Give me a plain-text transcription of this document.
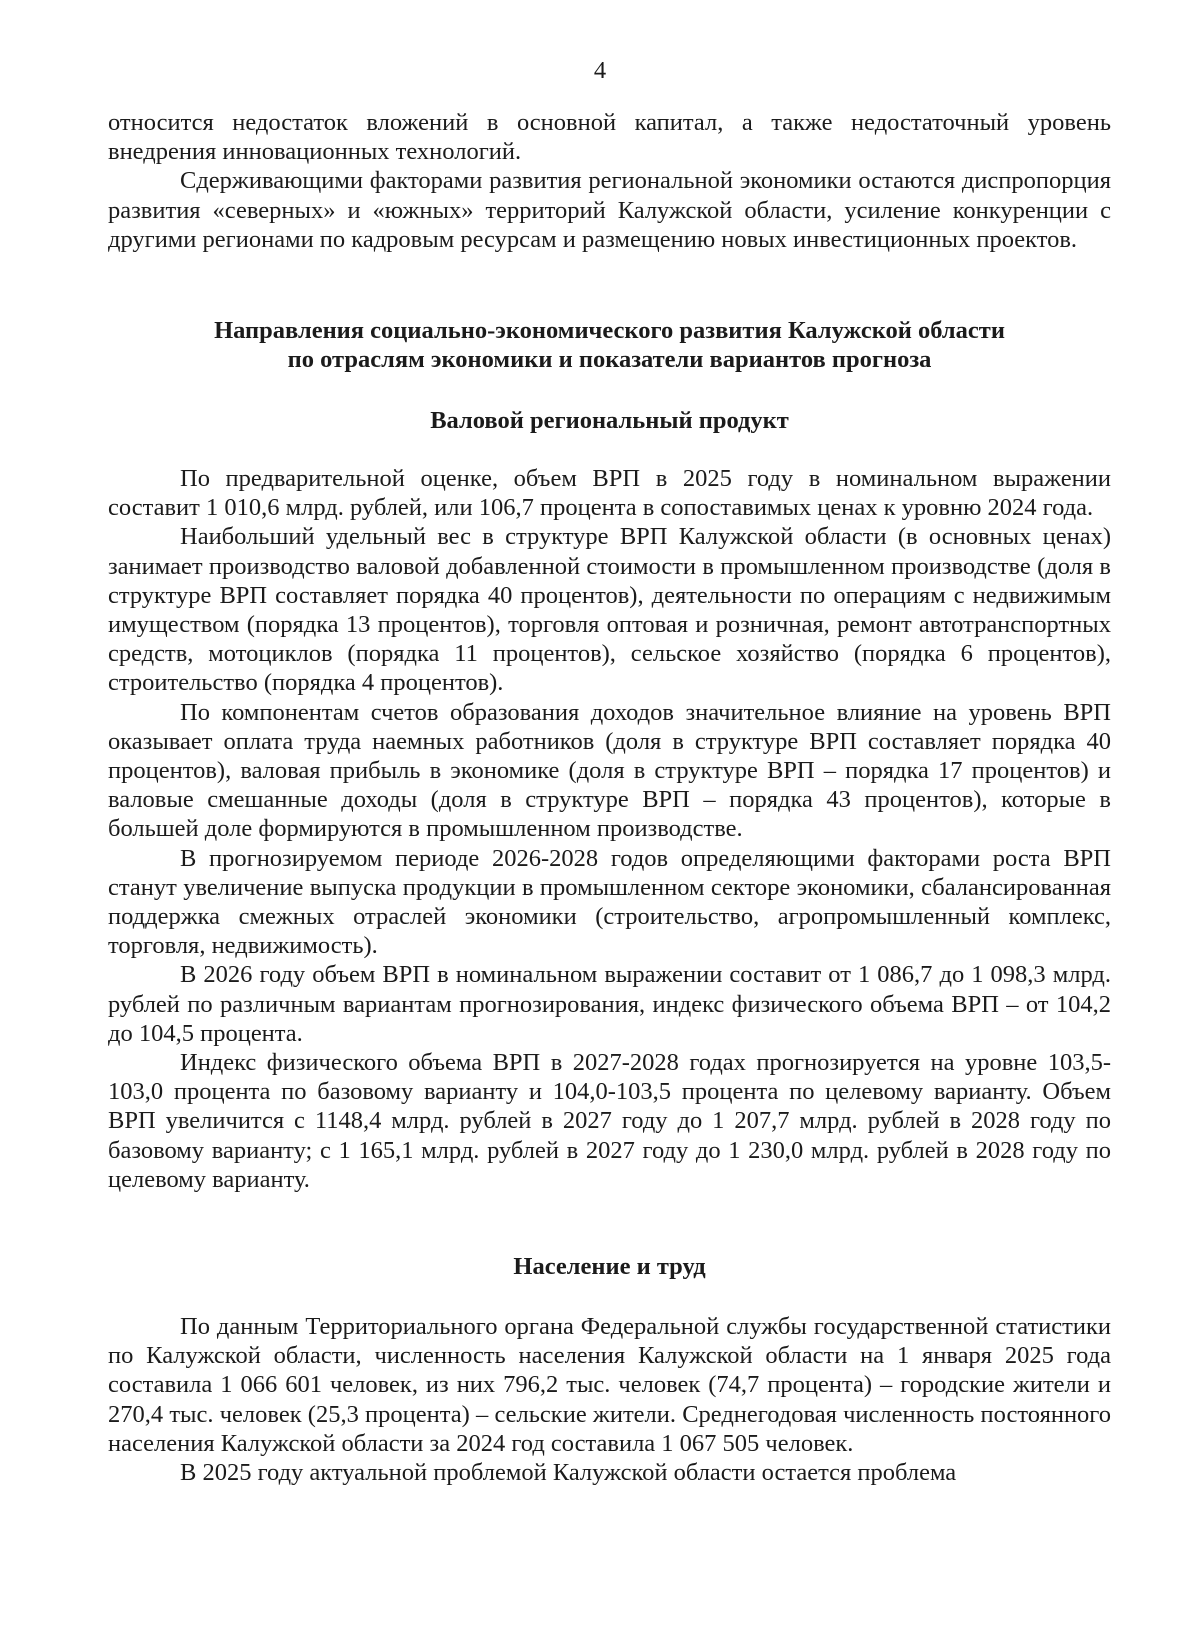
4

относится недостаток вложений в основной капитал, а также недостаточный уровень внедрения инновационных технологий.

Сдерживающими факторами развития региональной экономики остаются диспропорция развития «северных» и «южных» территорий Калужской области, усиление конкуренции с другими регионами по кадровым ресурсам и размещению новых инвестиционных проектов.

Направления социально-экономического развития Калужской области
по отраслям экономики и показатели вариантов прогноза
Валовой региональный продукт

По предварительной оценке, объем ВРП в 2025 году в номинальном выражении составит 1 010,6 млрд. рублей, или 106,7 процента в сопоставимых ценах к уровню 2024 года.

Наибольший удельный вес в структуре ВРП Калужской области (в основных ценах) занимает производство валовой добавленной стоимости в промышленном производстве (доля в структуре ВРП составляет порядка 40 процентов), деятельности по операциям с недвижимым имуществом (порядка 13 процентов), торговля оптовая и розничная, ремонт автотранспортных средств, мотоциклов (порядка 11 процентов), сельское хозяйство (порядка 6 процентов), строительство (порядка 4 процентов).

По компонентам счетов образования доходов значительное влияние на уровень ВРП оказывает оплата труда наемных работников (доля в структуре ВРП составляет порядка 40 процентов), валовая прибыль в экономике (доля в структуре ВРП – порядка 17 процентов) и валовые смешанные доходы (доля в структуре ВРП – порядка 43 процентов), которые в большей доле формируются в промышленном производстве.

В прогнозируемом периоде 2026-2028 годов определяющими факторами роста ВРП станут увеличение выпуска продукции в промышленном секторе экономики, сбалансированная поддержка смежных отраслей экономики (строительство, агропромышленный комплекс, торговля, недвижимость).

В 2026 году объем ВРП в номинальном выражении составит от 1 086,7 до 1 098,3 млрд. рублей по различным вариантам прогнозирования, индекс физического объема ВРП – от 104,2 до 104,5 процента.

Индекс физического объема ВРП в 2027-2028 годах прогнозируется на уровне 103,5-103,0 процента по базовому варианту и 104,0-103,5 процента по целевому варианту. Объем ВРП увеличится с 1148,4 млрд. рублей в 2027 году до 1 207,7 млрд. рублей в 2028 году по базовому варианту; с 1 165,1 млрд. рублей в 2027 году до 1 230,0 млрд. рублей в 2028 году по целевому варианту.

Население и труд

По данным Территориального органа Федеральной службы государственной статистики по Калужской области, численность населения Калужской области на 1 января 2025 года составила 1 066 601 человек, из них 796,2 тыс. человек (74,7 процента) – городские жители и 270,4 тыс. человек (25,3 процента) – сельские жители. Среднегодовая численность постоянного населения Калужской области за 2024 год составила 1 067 505 человек.

В 2025 году актуальной проблемой Калужской области остается проблема
